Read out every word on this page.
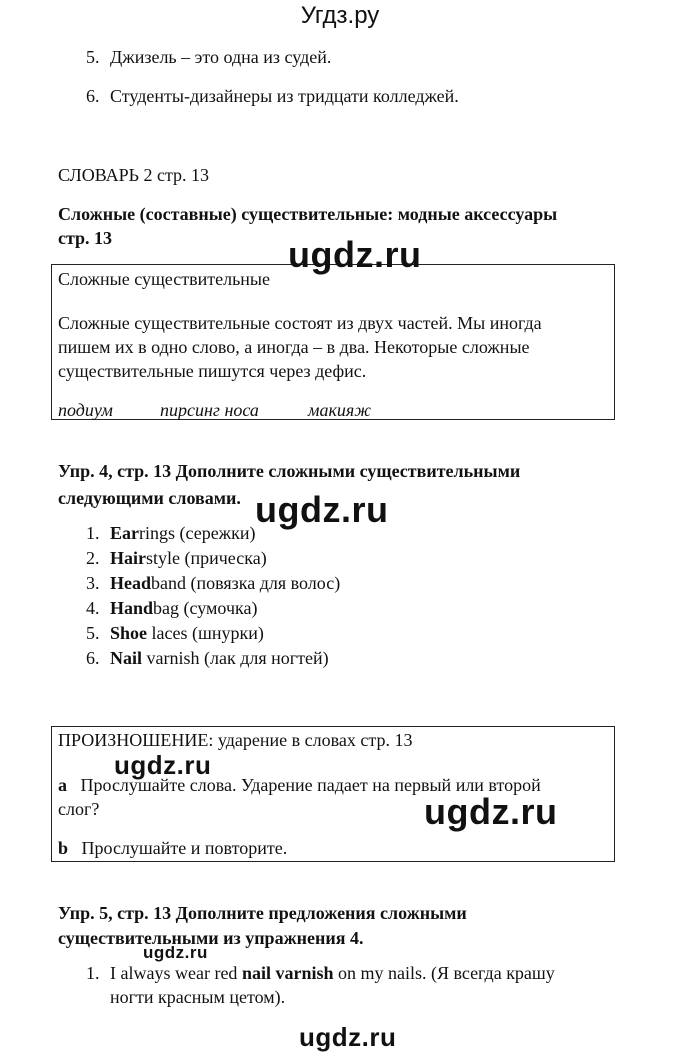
Угдз.ру
5. Джизель – это одна из судей.
6. Студенты-дизайнеры из тридцати колледжей.
СЛОВАРЬ 2 стр. 13
Сложные (составные) существительные: модные аксессуары
стр. 13
Сложные существительные
Сложные существительные состоят из двух частей. Мы иногда
пишем их в одно слово, а иногда – в два. Некоторые сложные
существительные пишутся через дефис.
подиум	пирсинг носа	макияж
Упр. 4, стр. 13 Дополните сложными существительными
следующими словами.
1. Earrings (сережки)
2. Hairstyle (прическа)
3. Headband (повязка для волос)
4. Handbag (сумочка)
5. Shoe laces (шнурки)
6. Nail varnish (лак для ногтей)
ПРОИЗНОШЕНИЕ: ударение в словах стр. 13
a Прослушайте слова. Ударение падает на первый или второй
слог?
b Прослушайте и повторите.
Упр. 5, стр. 13 Дополните предложения сложными
существительными из упражнения 4.
1. I always wear red nail varnish on my nails. (Я всегда крашу
ногти красным цетом).
ugdz.ru
ugdz.ru
ugdz.ru
ugdz.ru
ugdz.ru
ugdz.ru
